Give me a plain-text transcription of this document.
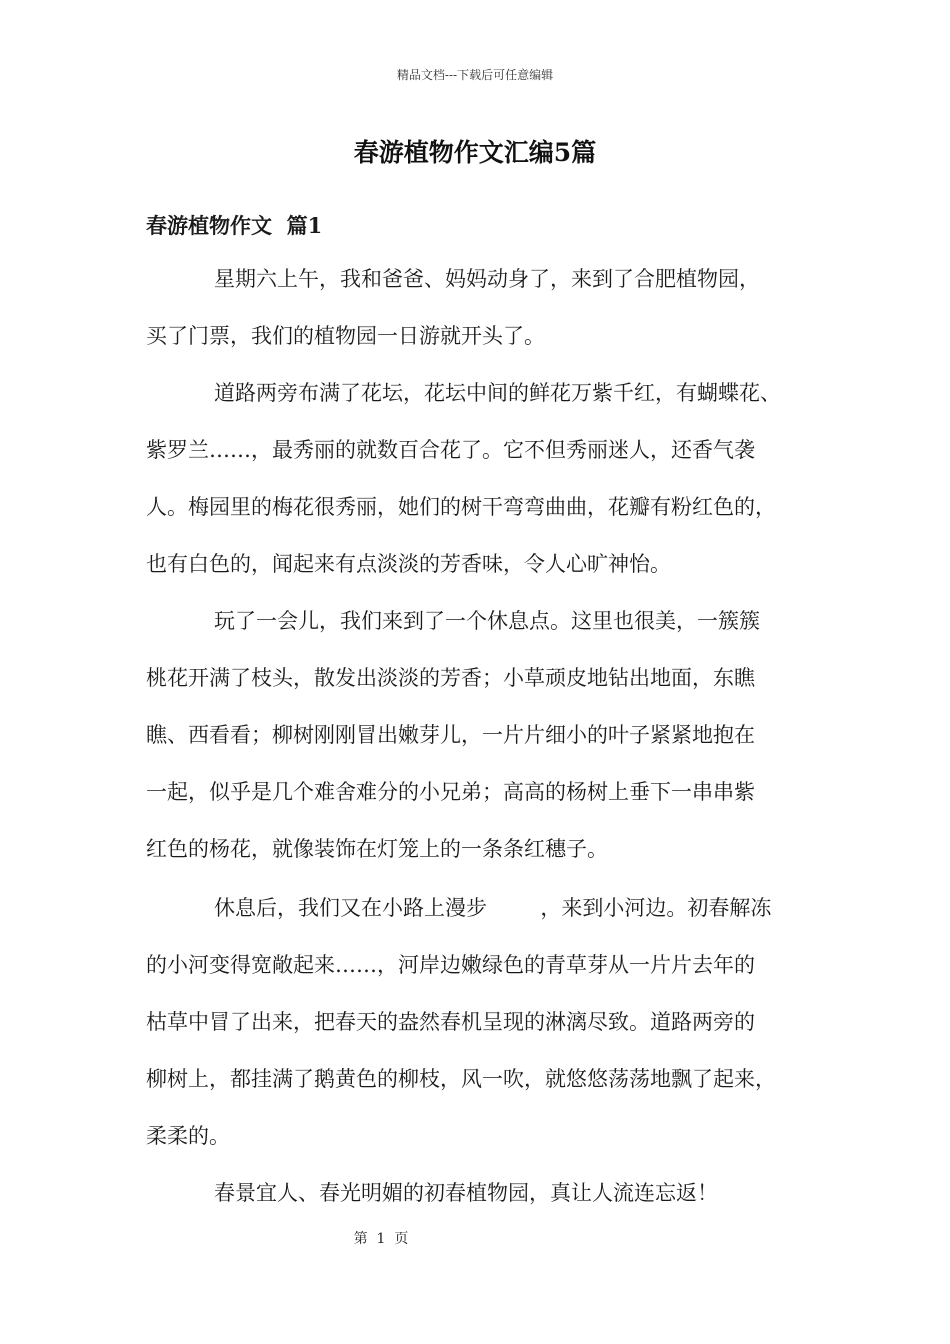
精品文档---下载后可任意编辑
春游植物作文汇编5篇
春游植物作文  篇1
星期六上午，我和爸爸、妈妈动身了，来到了合肥植物园，
买了门票，我们的植物园一日游就开头了。
道路两旁布满了花坛，花坛中间的鲜花万紫千红，有蝴蝶花、
紫罗兰……，最秀丽的就数百合花了。它不但秀丽迷人，还香气袭
人。梅园里的梅花很秀丽，她们的树干弯弯曲曲，花瓣有粉红色的，
也有白色的，闻起来有点淡淡的芳香味，令人心旷神怡。
玩了一会儿，我们来到了一个休息点。这里也很美，一簇簇
桃花开满了枝头，散发出淡淡的芳香；小草顽皮地钻出地面，东瞧
瞧、西看看；柳树刚刚冒出嫩芽儿，一片片细小的叶子紧紧地抱在
一起，似乎是几个难舍难分的小兄弟；高高的杨树上垂下一串串紫
红色的杨花，就像装饰在灯笼上的一条条红穗子。
休息后，我们又在小路上漫步        ，来到小河边。初春解冻
的小河变得宽敞起来……，河岸边嫩绿色的青草芽从一片片去年的
枯草中冒了出来，把春天的盎然春机呈现的淋漓尽致。道路两旁的
柳树上，都挂满了鹅黄色的柳枝，风一吹，就悠悠荡荡地飘了起来，
柔柔的。
春景宜人、春光明媚的初春植物园，真让人流连忘返！
第  1  页
